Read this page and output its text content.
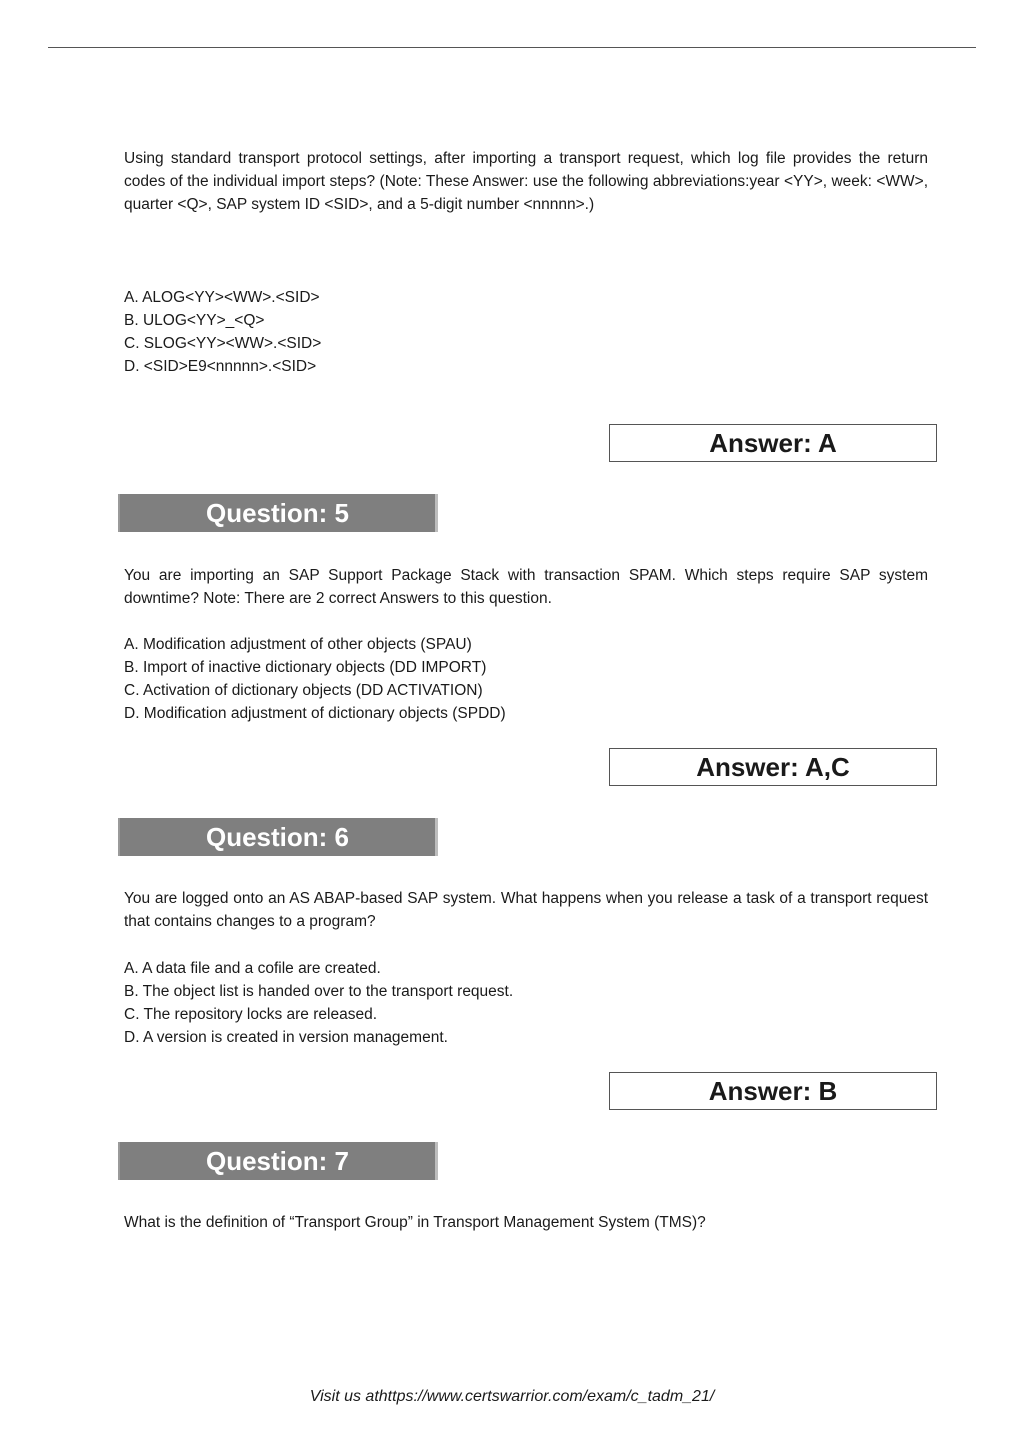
Using standard transport protocol settings, after importing a transport request, which log file provides the return codes of the individual import steps? (Note: These Answer: use the following abbreviations:year <YY>, week: <WW>, quarter <Q>, SAP system ID <SID>, and a 5-digit number <nnnnn>.)

A. ALOG<YY><WW>.<SID>
B. ULOG<YY>_<Q>
C. SLOG<YY><WW>.<SID>
D. <SID>E9<nnnnn>.<SID>
Answer: A
Question: 5

You are importing an SAP Support Package Stack with transaction SPAM. Which steps require SAP system downtime? Note: There are 2 correct Answers to this question.

A. Modification adjustment of other objects (SPAU)
B. Import of inactive dictionary objects (DD IMPORT)
C. Activation of dictionary objects (DD ACTIVATION)
D. Modification adjustment of dictionary objects (SPDD)
Answer: A,C
Question: 6

You are logged onto an AS ABAP-based SAP system. What happens when you release a task of a transport request that contains changes to a program?

A. A data file and a cofile are created.
B. The object list is handed over to the transport request.
C. The repository locks are released.
D. A version is created in version management.
Answer: B
Question: 7

What is the definition of “Transport Group” in Transport Management System (TMS)?

Visit us athttps://www.certswarrior.com/exam/c_tadm_21/
